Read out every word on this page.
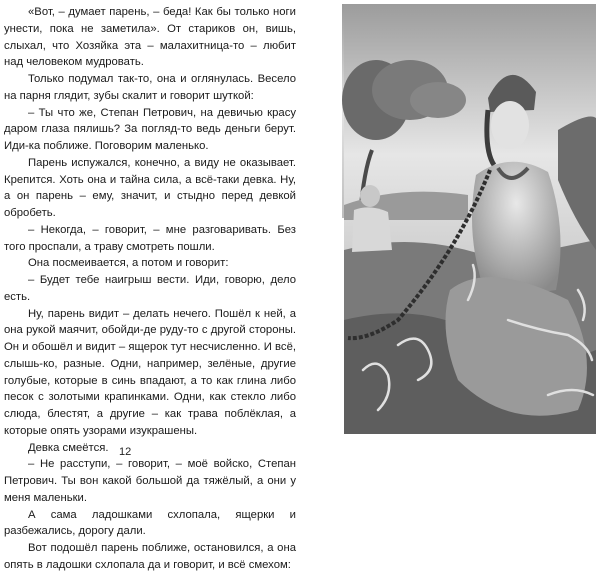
«Вот, – думает парень, – беда! Как бы только ноги унести, пока не заметила». От стариков он, вишь, слыхал, что Хозяйка эта – малахитница-то – любит над человеком мудровать.

Только подумал так-то, она и оглянулась. Весело на парня глядит, зубы скалит и говорит шуткой:

– Ты что же, Степан Петрович, на девичью красу даром глаза пялишь? За погляд-то ведь деньги берут. Иди-ка поближе. Поговорим маленько.

Парень испужался, конечно, а виду не оказывает. Крепится. Хоть она и тайна сила, а всё-таки девка. Ну, а он парень – ему, значит, и стыдно перед девкой обробеть.

– Некогда, – говорит, – мне разговаривать. Без того проспали, а траву смотреть пошли.

Она посмеивается, а потом и говорит:

– Будет тебе наигрыш вести. Иди, говорю, дело есть.

Ну, парень видит – делать нечего. Пошёл к ней, а она рукой маячит, обойди-де руду-то с другой стороны. Он и обошёл и видит – ящерок тут несчисленно. И всё, слышь-ко, разные. Одни, например, зелёные, другие голубые, которые в синь впадают, а то как глина либо песок с золотыми крапинками. Одни, как стекло либо слюда, блестят, а другие – как трава поблёклая, а которые опять узорами изукрашены.

Девка смеётся.

– Не расступи, – говорит, – моё войско, Степан Петрович. Ты вон какой большой да тяжёлый, а они у меня маленьки.

А сама ладошками схлопала, ящерки и разбежались, дорогу дали.

Вот подошёл парень поближе, остановился, а она опять в ладошки схлопала да и говорит, и всё смехом:

12
